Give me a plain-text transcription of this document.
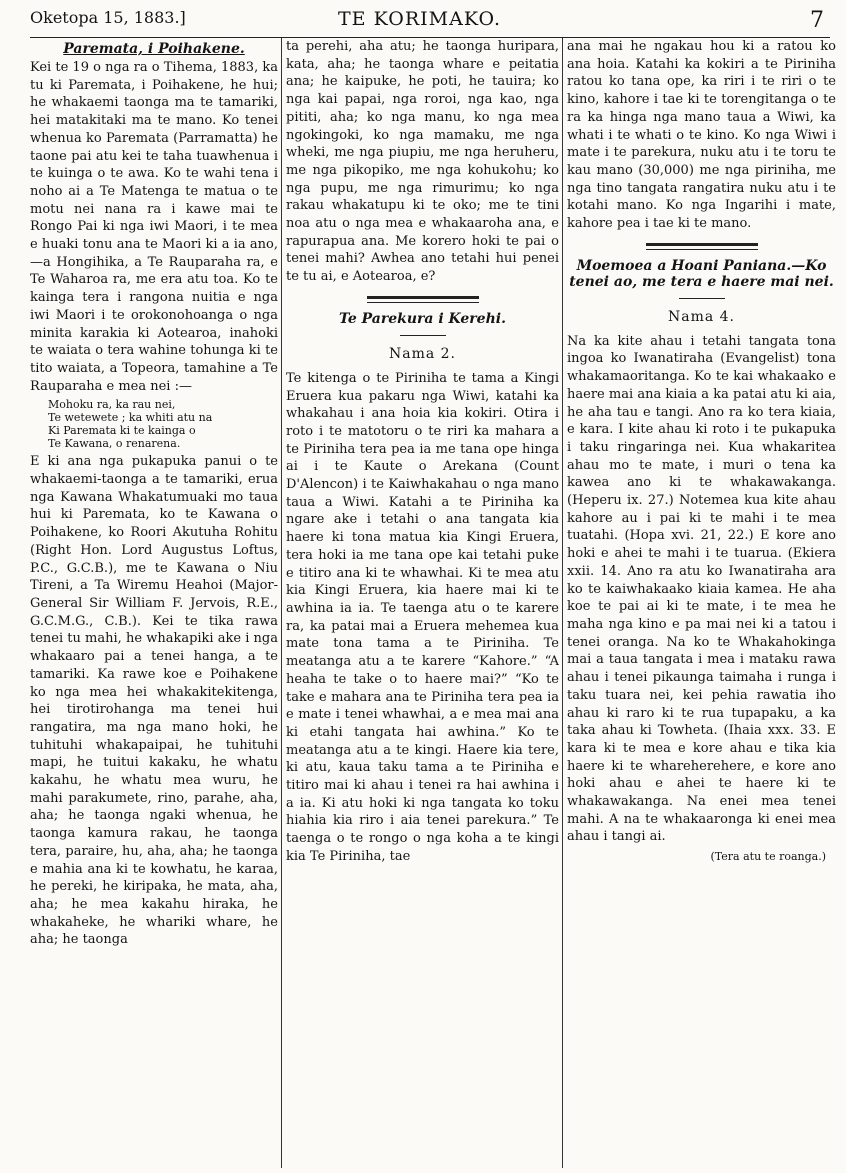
Oketopa 15, 1883.]	TE KORIMAKO.	7
Paremata, i Poihakene.

Kei te 19 o nga ra o Tihema, 1883, ka tu ki Paremata, i Poihakene, he hui; he whakaemi taonga ma te tamariki, hei matakitaki ma te mano. Ko tenei whenua ko Paremata (Parramatta) he taone pai atu kei te taha tuawhenua i te kuinga o te awa. Ko te wahi tena i noho ai a Te Matenga te matua o te motu nei nana ra i kawe mai te Rongo Pai ki nga iwi Maori, i te mea e huaki tonu ana te Maori ki a ia ano,—a Hongihika, a Te Rauparaha ra, e Te Waharoa ra, me era atu toa. Ko te kainga tera i rangona nuitia e nga iwi Maori i te orokonohoanga o nga minita karakia ki Aotearoa, inahoki te waiata o tera wahine tohunga ki te tito waiata, a Topeora, tamahine a Te Rauparaha e mea nei :—

Mohoku ra, ka rau nei,
Te wetewete ; ka whiti atu na
Ki Paremata ki te kainga o
Te Kawana, o renarena.

E ki ana nga pukapuka panui o te whakaemi-taonga a te tamariki, erua nga Kawana Whakatumuaki mo taua hui ki Paremata, ko te Kawana o Poihakene, ko Roori Akutuha Rohitu (Right Hon. Lord Augustus Loftus, P.C., G.C.B.), me te Kawana o Niu Tireni, a Ta Wiremu Heahoi (Major-General Sir William F. Jervois, R.E., G.C.M.G., C.B.). Kei te tika rawa tenei tu mahi, he whakapiki ake i nga whakaaro pai a tenei hanga, a te tamariki. Ka rawe koe e Poihakene ko nga mea hei whakakitekitenga, hei tirotirohanga ma tenei hui rangatira, ma nga mano hoki, he tuhituhi whakapaipai, he tuhituhi mapi, he tuitui kakaku, he whatu kakahu, he whatu mea wuru, he mahi parakumete, rino, parahe, aha, aha; he taonga ngaki whenua, he taonga kamura rakau, he taonga tera, paraire, hu, aha, aha; he taonga e mahia ana ki te kowhatu, he karaa, he pereki, he kiripaka, he mata, aha, aha; he mea kakahu hiraka, he whakaheke, he whariki whare, he aha; he taonga

ta perehi, aha atu; he taonga huripara, kata, aha; he taonga whare e peitatia ana; he kaipuke, he poti, he tauira; ko nga kai papai, nga roroi, nga kao, nga pititi, aha; ko nga manu, ko nga mea ngokingoki, ko nga mamaku, me nga wheki, me nga piupiu, me nga heruheru, me nga pikopiko, me nga kohukohu; ko nga pupu, me nga rimurimu; ko nga rakau whakatupu ki te oko; me te tini noa atu o nga mea e whakaaroha ana, e rapurapua ana. Me korero hoki te pai o tenei mahi? Awhea ano tetahi hui penei te tu ai, e Aotearoa, e?

Te Parekura i Kerehi.
Nama 2.

Te kitenga o te Piriniha te tama a Kingi Eruera kua pakaru nga Wiwi, katahi ka whakahau i ana hoia kia kokiri. Otira i roto i te matotoru o te riri ka mahara a te Piriniha tera pea ia me tana ope hinga ai i te Kaute o Arekana (Count D'Alencon) i te Kaiwhakahau o nga mano taua a Wiwi. Katahi a te Piriniha ka ngare ake i tetahi o ana tangata kia haere ki tona matua kia Kingi Eruera, tera hoki ia me tana ope kai tetahi puke e titiro ana ki te whawhai. Ki te mea atu kia Kingi Eruera, kia haere mai ki te awhina ia ia. Te taenga atu o te karere ra, ka patai mai a Eruera mehemea kua mate tona tama a te Piriniha. Te meatanga atu a te karere “Kahore.” “A heaha te take o to haere mai?” “Ko te take e mahara ana te Piriniha tera pea ia e mate i tenei whawhai, a e mea mai ana ki etahi tangata hai awhina.” Ko te meatanga atu a te kingi. Haere kia tere, ki atu, kaua taku tama a te Piriniha e titiro mai ki ahau i tenei ra hai awhina i a ia. Ki atu hoki ki nga tangata ko toku hiahia kia riro i aia tenei parekura.” Te taenga o te rongo o nga koha a te kingi kia Te Piriniha, tae

ana mai he ngakau hou ki a ratou ko ana hoia. Katahi ka kokiri a te Piriniha ratou ko tana ope, ka riri i te riri o te kino, kahore i tae ki te torengitanga o te ra ka hinga nga mano taua a Wiwi, ka whati i te whati o te kino. Ko nga Wiwi i mate i te parekura, nuku atu i te toru te kau mano (30,000) me nga piriniha, me nga tino tangata rangatira nuku atu i te kotahi mano. Ko nga Ingarihi i mate, kahore pea i tae ki te mano.

Moemoea a Hoani Paniana.—Ko tenei ao, me tera e haere mai nei.
Nama 4.

Na ka kite ahau i tetahi tangata tona ingoa ko Iwanatiraha (Evangelist) tona whakamaoritanga. Ko te kai whakaako e haere mai ana kiaia a ka patai atu ki aia, he aha tau e tangi. Ano ra ko tera kiaia, e kara. I kite ahau ki roto i te pukapuka i taku ringaringa nei. Kua whakaritea ahau mo te mate, i muri o tena ka kawea ano ki te whakawakanga. (Heperu ix. 27.) Notemea kua kite ahau kahore au i pai ki te mahi i te mea tuatahi. (Hopa xvi. 21, 22.) E kore ano hoki e ahei te mahi i te tuarua. (Ekiera xxii. 14. Ano ra atu ko Iwanatiraha ara ko te kaiwhakaako kiaia kamea. He aha koe te pai ai ki te mate, i te mea he maha nga kino e pa mai nei ki a tatou i tenei oranga. Na ko te Whakahokinga mai a taua tangata i mea i mataku rawa ahau i tenei pikaunga taimaha i runga i taku tuara nei, kei pehia rawatia iho ahau ki raro ki te rua tupapaku, a ka taka ahau ki Towheta. (Ihaia xxx. 33. E kara ki te mea e kore ahau e tika kia haere ki te wharehereherе, e kore ano hoki ahau e ahei te haere ki te whakawakanga. Na enei mea tenei mahi. A na te whakaaronga ki enei mea ahau i tangi ai.

(Tera atu te roanga.)
